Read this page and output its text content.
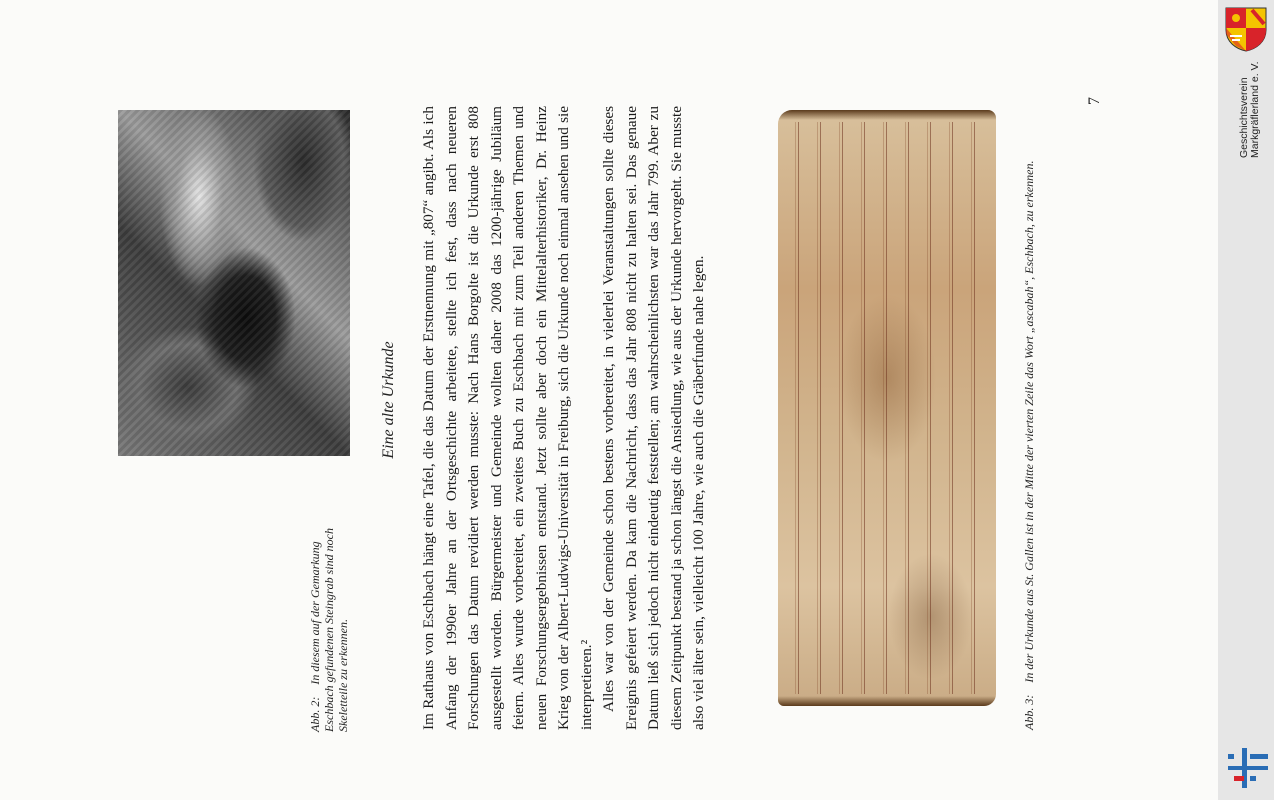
Abb. 2:In diesem auf der Gemarkung Eschbach gefundenen Steingrab sind noch Skeletteile zu erkennen.
Eine alte Urkunde Im Rathaus von Eschbach hängt eine Tafel, die das Datum der Erstnennung mit „807“ angibt. Als ich Anfang der 1990er Jahre an der Ortsgeschichte arbeitete, stellte ich fest, dass nach neueren Forschungen das Datum revidiert werden musste: Nach Hans Borgolte ist die Urkunde erst 808 ausgestellt worden. Bürgermeister und Gemeinde wollten daher 2008 das 1200-jährige Jubiläum feiern. Alles wurde vorbereitet, ein zweites Buch zu Eschbach mit zum Teil anderen Themen und neuen Forschungsergebnissen entstand. Jetzt sollte aber doch ein Mittelalterhistoriker, Dr. Heinz Krieg von der Albert-Ludwigs-Universität in Freiburg, sich die Urkunde noch einmal ansehen und sie interpretieren.² Alles war von der Gemeinde schon bestens vorbereitet, in vielerlei Veranstaltungen sollte dieses Ereignis gefeiert werden. Da kam die Nachricht, dass das Jahr 808 nicht zu halten sei. Das genaue Datum ließ sich jedoch nicht eindeutig feststellen; am wahrscheinlichsten war das Jahr 799. Aber zu diesem Zeitpunkt bestand ja schon längst die Ansiedlung, wie aus der Urkunde hervorgeht. Sie musste also viel älter sein, vielleicht 100 Jahre, wie auch die Gräberfunde nahe legen.	Abb. 3:In der Urkunde aus St. Gallen ist in der Mitte der vierten Zeile das Wort „ascabah“, Eschbach, zu erkennen.
7	Geschichtsverein Markgräflerland e. V.
